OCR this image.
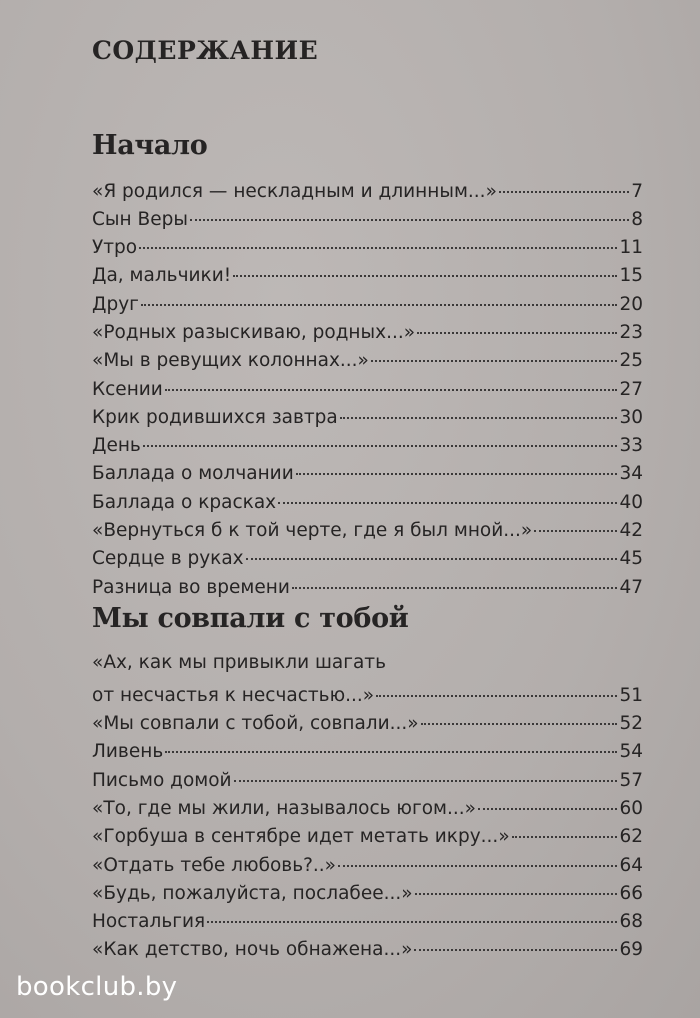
СОДЕРЖАНИЕ
Начало
«Я родился — нескладным и длинным...»	7
Сын Веры	8
Утро	11
Да, мальчики!	15
Друг	20
«Родных разыскиваю, родных...»	23
«Мы в ревущих колоннах...»	25
Ксении	27
Крик родившихся завтра	30
День	33
Баллада о молчании	34
Баллада о красках	40
«Вернуться б к той черте, где я был мной...»	42
Сердце в руках	45
Разница во времени	47
Мы совпали с тобой
«Ах, как мы привыкли шагать
от несчастья к несчастью...»	51
«Мы совпали с тобой, совпали...»	52
Ливень	54
Письмо домой	57
«То, где мы жили, называлось югом...»	60
«Горбуша в сентябре идет метать икру...»	62
«Отдать тебе любовь?..»	64
«Будь, пожалуйста, послабее...»	66
Ностальгия	68
«Как детство, ночь обнажена...»	69
bookclub.by
